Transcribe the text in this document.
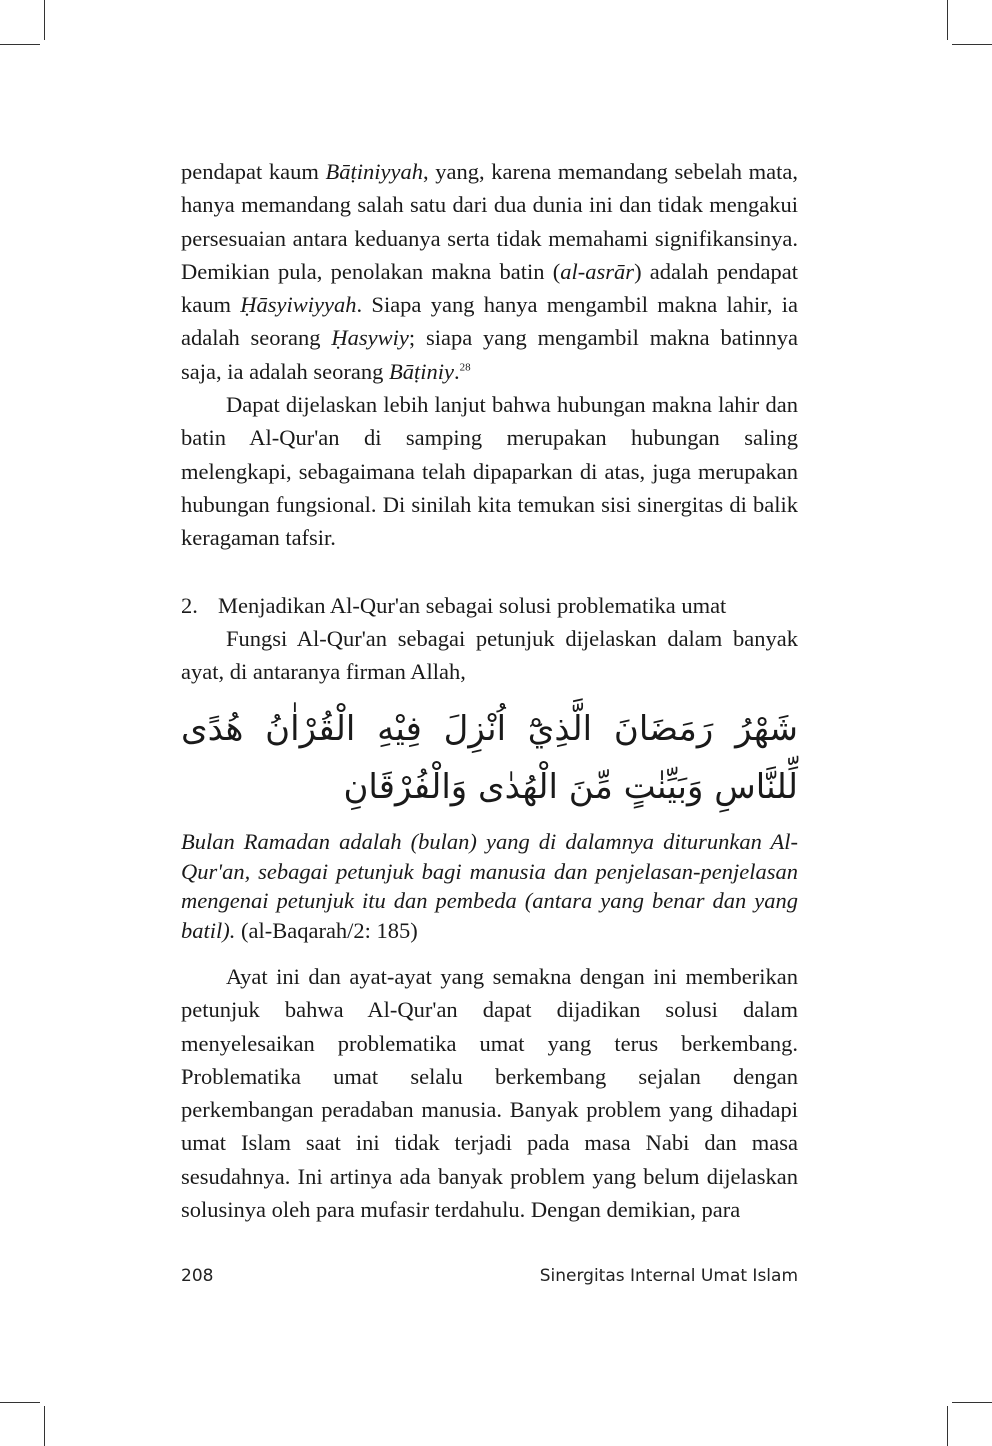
pendapat kaum Bāṭiniyyah, yang, karena memandang sebelah mata, hanya memandang salah satu dari dua dunia ini dan tidak mengakui persesuaian antara keduanya serta tidak memahami signifikansinya. Demikian pula, penolakan makna batin (al-asrār) adalah pendapat kaum Ḥāsyiwiyyah. Siapa yang hanya mengambil makna lahir, ia adalah seorang Ḥasywiy; siapa yang mengambil makna batinnya saja, ia adalah seorang Bāṭiniy.$^{28}$

Dapat dijelaskan lebih lanjut bahwa hubungan makna lahir dan batin Al-Qur'an di samping merupakan hubungan saling melengkapi, sebagaimana telah dipaparkan di atas, juga merupakan hubungan fungsional. Di sinilah kita temukan sisi sinergitas di balik keragaman tafsir.

2. Menjadikan Al-Qur'an sebagai solusi problematika umat

Fungsi Al-Qur'an sebagai petunjuk dijelaskan dalam banyak ayat, di antaranya firman Allah,

شَهْرُ رَمَضَانَ الَّذِيْٓ اُنْزِلَ فِيْهِ الْقُرْاٰنُ هُدًى لِّلنَّاسِ وَبَيِّنٰتٍ مِّنَ الْهُدٰى وَالْفُرْقَانِ
Bulan Ramadan adalah (bulan) yang di dalamnya diturunkan Al-Qur'an, sebagai petunjuk bagi manusia dan penjelasan-penjelasan mengenai petunjuk itu dan pembeda (antara yang benar dan yang batil). (al-Baqarah/2: 185)

Ayat ini dan ayat-ayat yang semakna dengan ini memberikan petunjuk bahwa Al-Qur'an dapat dijadikan solusi dalam menyelesaikan problematika umat yang terus berkembang. Problematika umat selalu berkembang sejalan dengan perkembangan peradaban manusia. Banyak problem yang dihadapi umat Islam saat ini tidak terjadi pada masa Nabi dan masa sesudahnya. Ini artinya ada banyak problem yang belum dijelaskan solusinya oleh para mufasir terdahulu. Dengan demikian, para

208	Sinergitas Internal Umat Islam
